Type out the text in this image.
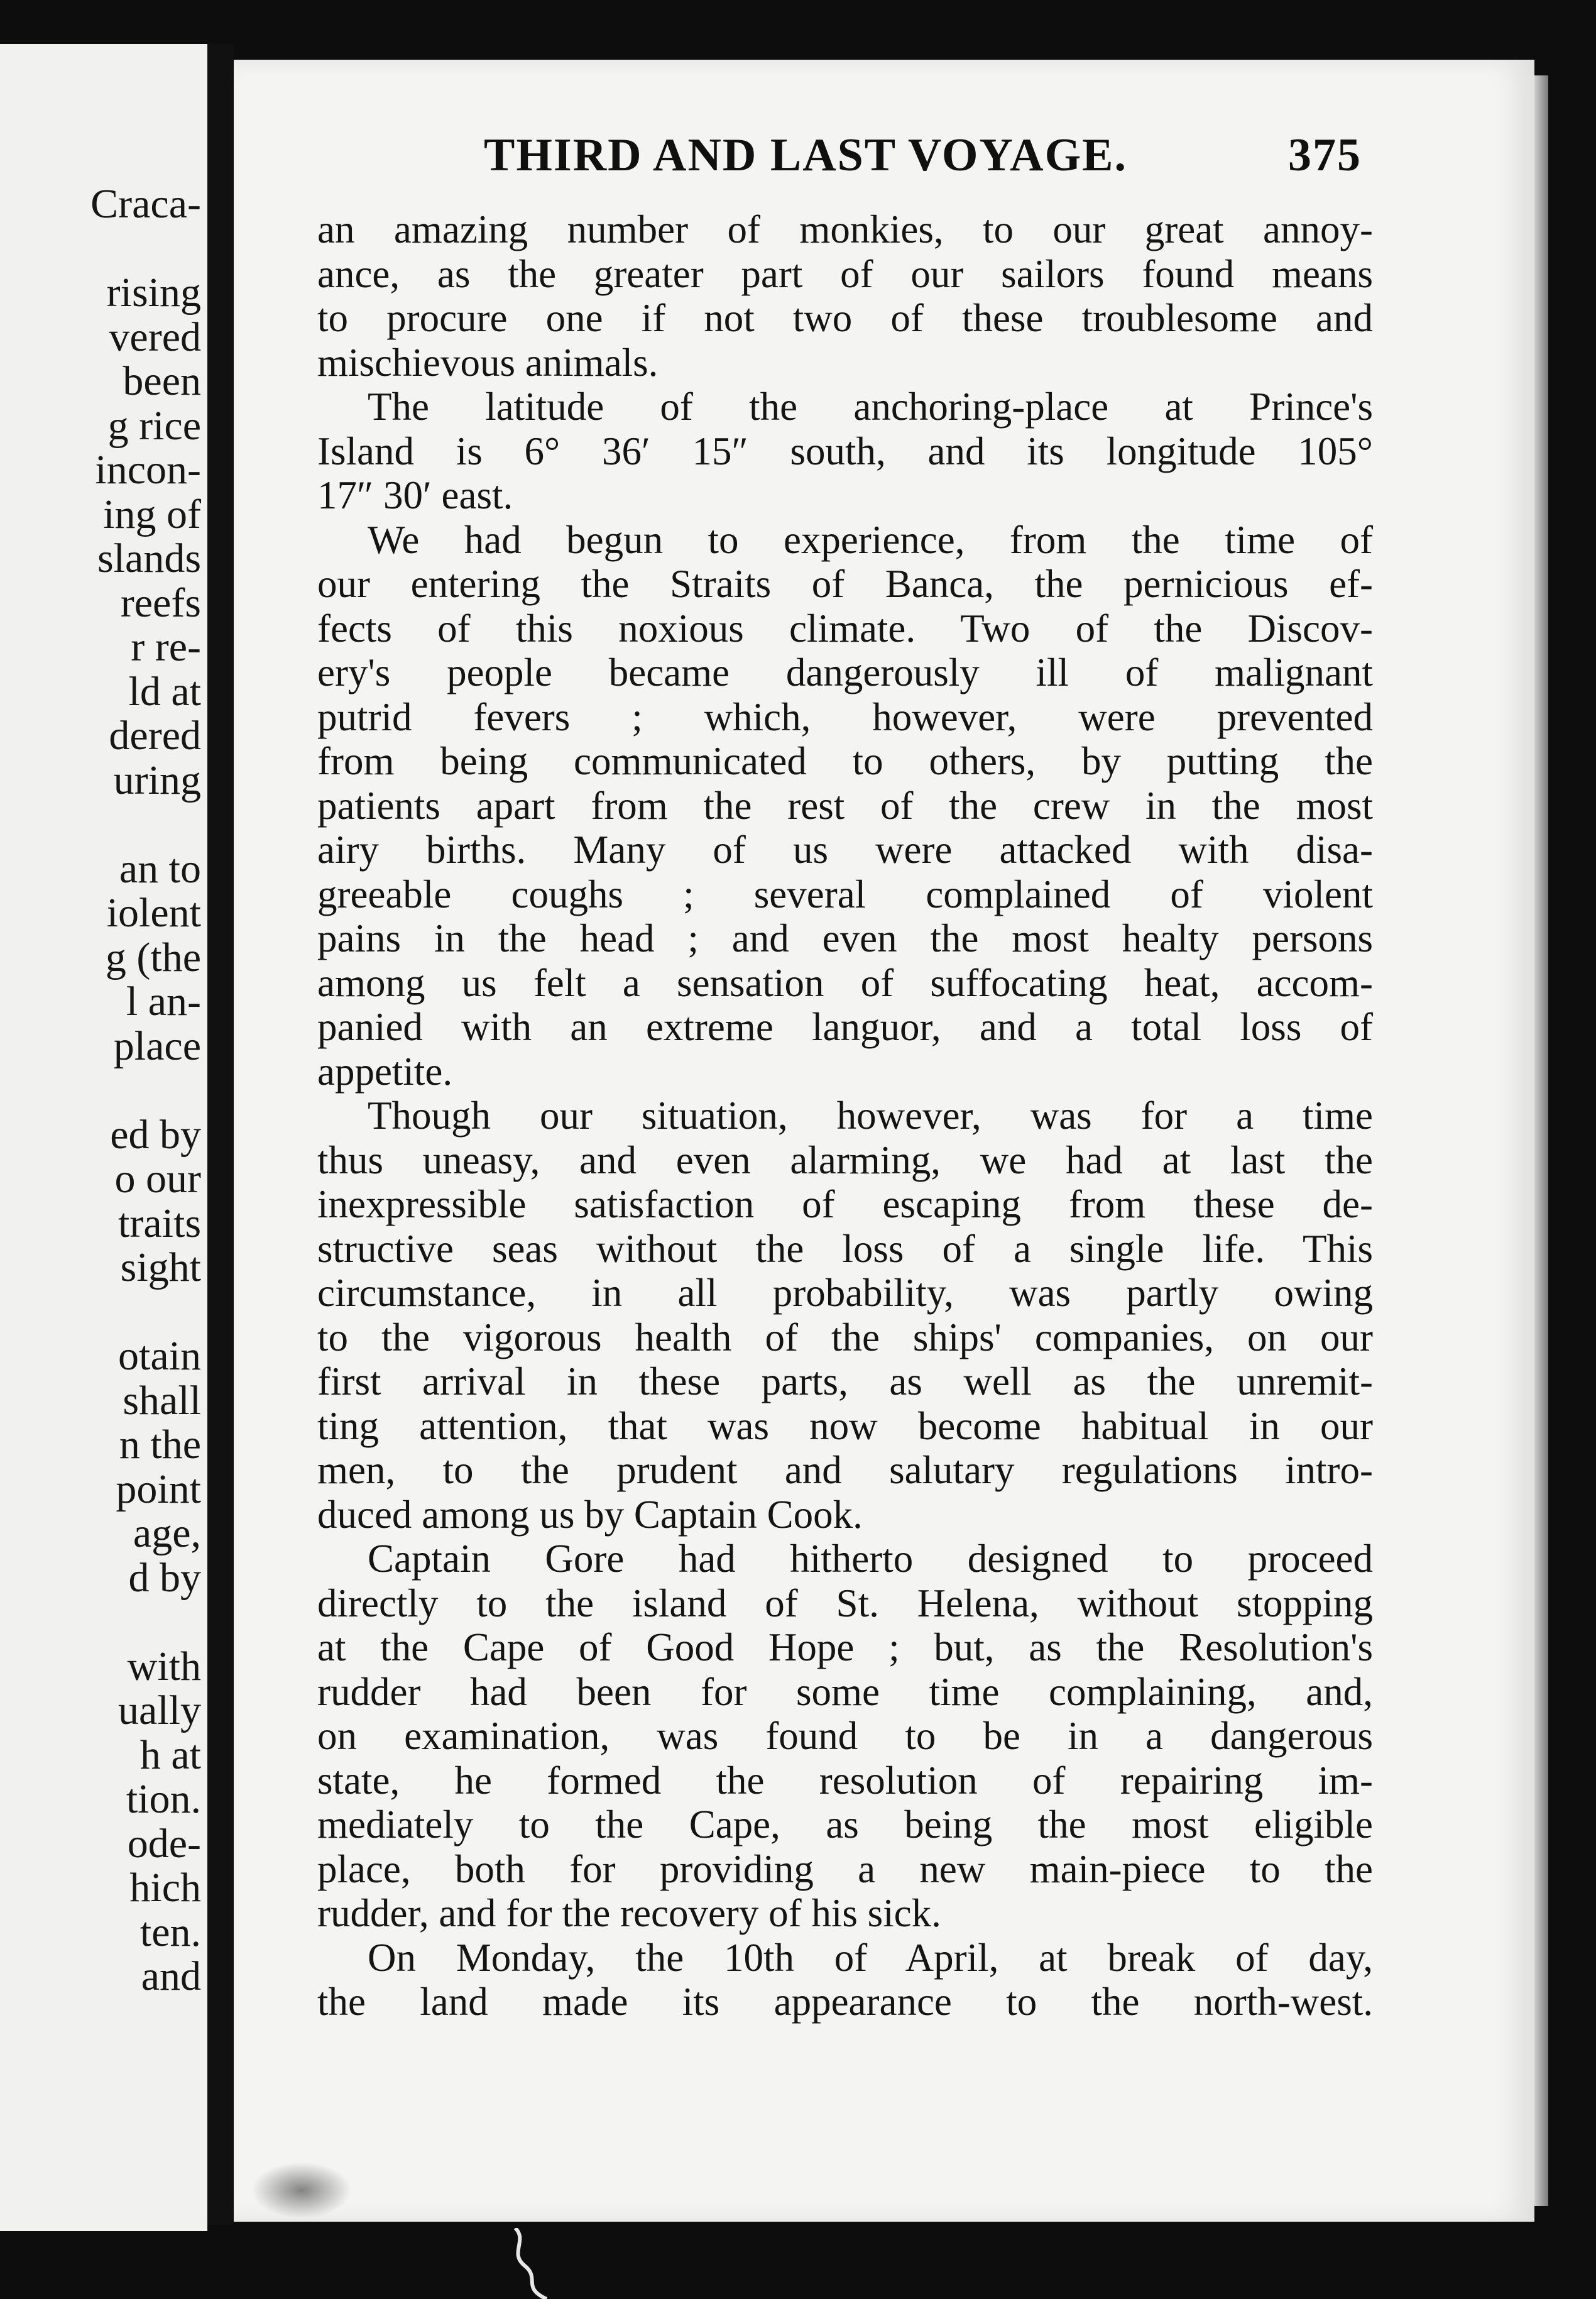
Craca-
rising
vered
been
g rice
incon-
ing of
slands
reefs
r re-
ld at
dered
uring
an to
iolent
g (the
l an-
place
ed by
o our
traits
sight
otain
shall
n the
point
age,
d by
with
ually
h at
tion.
ode-
hich
ten.
and
THIRD AND LAST VOYAGE.	375
an amazing number of monkies, to our great annoy-
ance, as the greater part of our sailors found means
to procure one if not two of these troublesome and
mischievous animals.
The latitude of the anchoring-place at Prince's
Island is 6° 36′ 15″ south, and its longitude 105°
17″ 30′ east.
We had begun to experience, from the time of
our entering the Straits of Banca, the pernicious ef-
fects of this noxious climate. Two of the Discov-
ery's people became dangerously ill of malignant
putrid fevers ; which, however, were prevented
from being communicated to others, by putting the
patients apart from the rest of the crew in the most
airy births. Many of us were attacked with disa-
greeable coughs ; several complained of violent
pains in the head ; and even the most healty persons
among us felt a sensation of suffocating heat, accom-
panied with an extreme languor, and a total loss of
appetite.
Though our situation, however, was for a time
thus uneasy, and even alarming, we had at last the
inexpressible satisfaction of escaping from these de-
structive seas without the loss of a single life. This
circumstance, in all probability, was partly owing
to the vigorous health of the ships' companies, on our
first arrival in these parts, as well as the unremit-
ting attention, that was now become habitual in our
men, to the prudent and salutary regulations intro-
duced among us by Captain Cook.
Captain Gore had hitherto designed to proceed
directly to the island of St. Helena, without stopping
at the Cape of Good Hope ; but, as the Resolution's
rudder had been for some time complaining, and,
on examination, was found to be in a dangerous
state, he formed the resolution of repairing im-
mediately to the Cape, as being the most eligible
place, both for providing a new main-piece to the
rudder, and for the recovery of his sick.
On Monday, the 10th of April, at break of day,
the land made its appearance to the north-west.
